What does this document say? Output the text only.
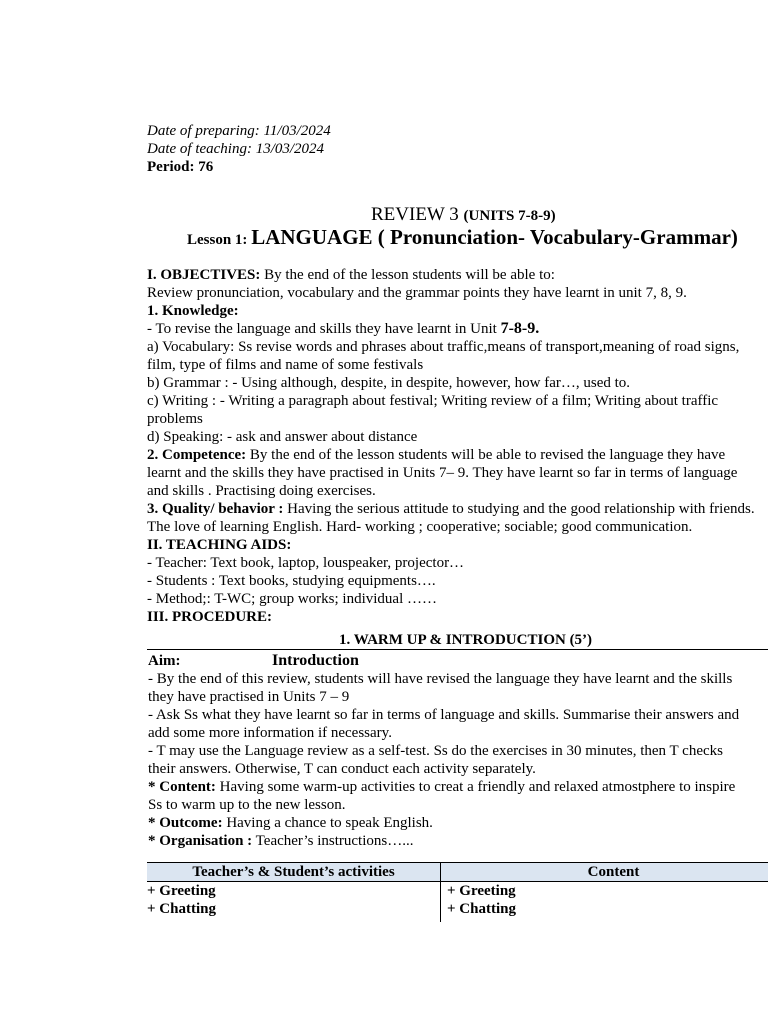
Date of preparing: 11/03/2024
Date of teaching: 13/03/2024
Period: 76
REVIEW 3 (UNITS 7-8-9)
Lesson 1: LANGUAGE ( Pronunciation- Vocabulary-Grammar)
I. OBJECTIVES: By the end of the lesson students will be able to:
Review pronunciation, vocabulary and the grammar points they have learnt in unit 7, 8, 9.
1. Knowledge:
- To revise the language and skills they have learnt in Unit 7-8-9.
a) Vocabulary: Ss revise words and phrases about traffic,means of transport,meaning of road signs,
film, type of films and name of some festivals
b) Grammar : - Using although, despite, in despite, however, how far…, used to.
c) Writing : - Writing a paragraph about festival; Writing review of a film; Writing about traffic
problems
d) Speaking: - ask and answer about distance
2. Competence: By the end of the lesson students will be able to revised the language they have
learnt and the skills they have practised in Units 7– 9. They have learnt so far in terms of language
and skills . Practising doing exercises.
3. Quality/ behavior : Having the serious attitude to studying and the good relationship with friends.
The love of learning English. Hard- working ; cooperative; sociable; good communication.
II. TEACHING AIDS:
- Teacher: Text book, laptop, louspeaker, projector…
- Students : Text books, studying equipments….
- Method;: T-WC; group works; individual ……
III. PROCEDURE:
1. WARM UP & INTRODUCTION (5’)
Aim:	Introduction
- By the end of this review, students will have revised the language they have learnt and the skills
they have practised in Units 7 – 9
- Ask Ss what they have learnt so far in terms of language and skills. Summarise their answers and
add some more information if necessary.
- T may use the Language review as a self-test. Ss do the exercises in 30 minutes, then T checks
their answers. Otherwise, T can conduct each activity separately.
* Content: Having some warm-up activities to creat a friendly and relaxed atmostphere to inspire
Ss to warm up to the new lesson.
* Outcome: Having a chance to speak English.
* Organisation : Teacher’s instructions…...
Teacher’s & Student’s activities	Content
+ Greeting	+ Greeting
+ Chatting	+ Chatting
